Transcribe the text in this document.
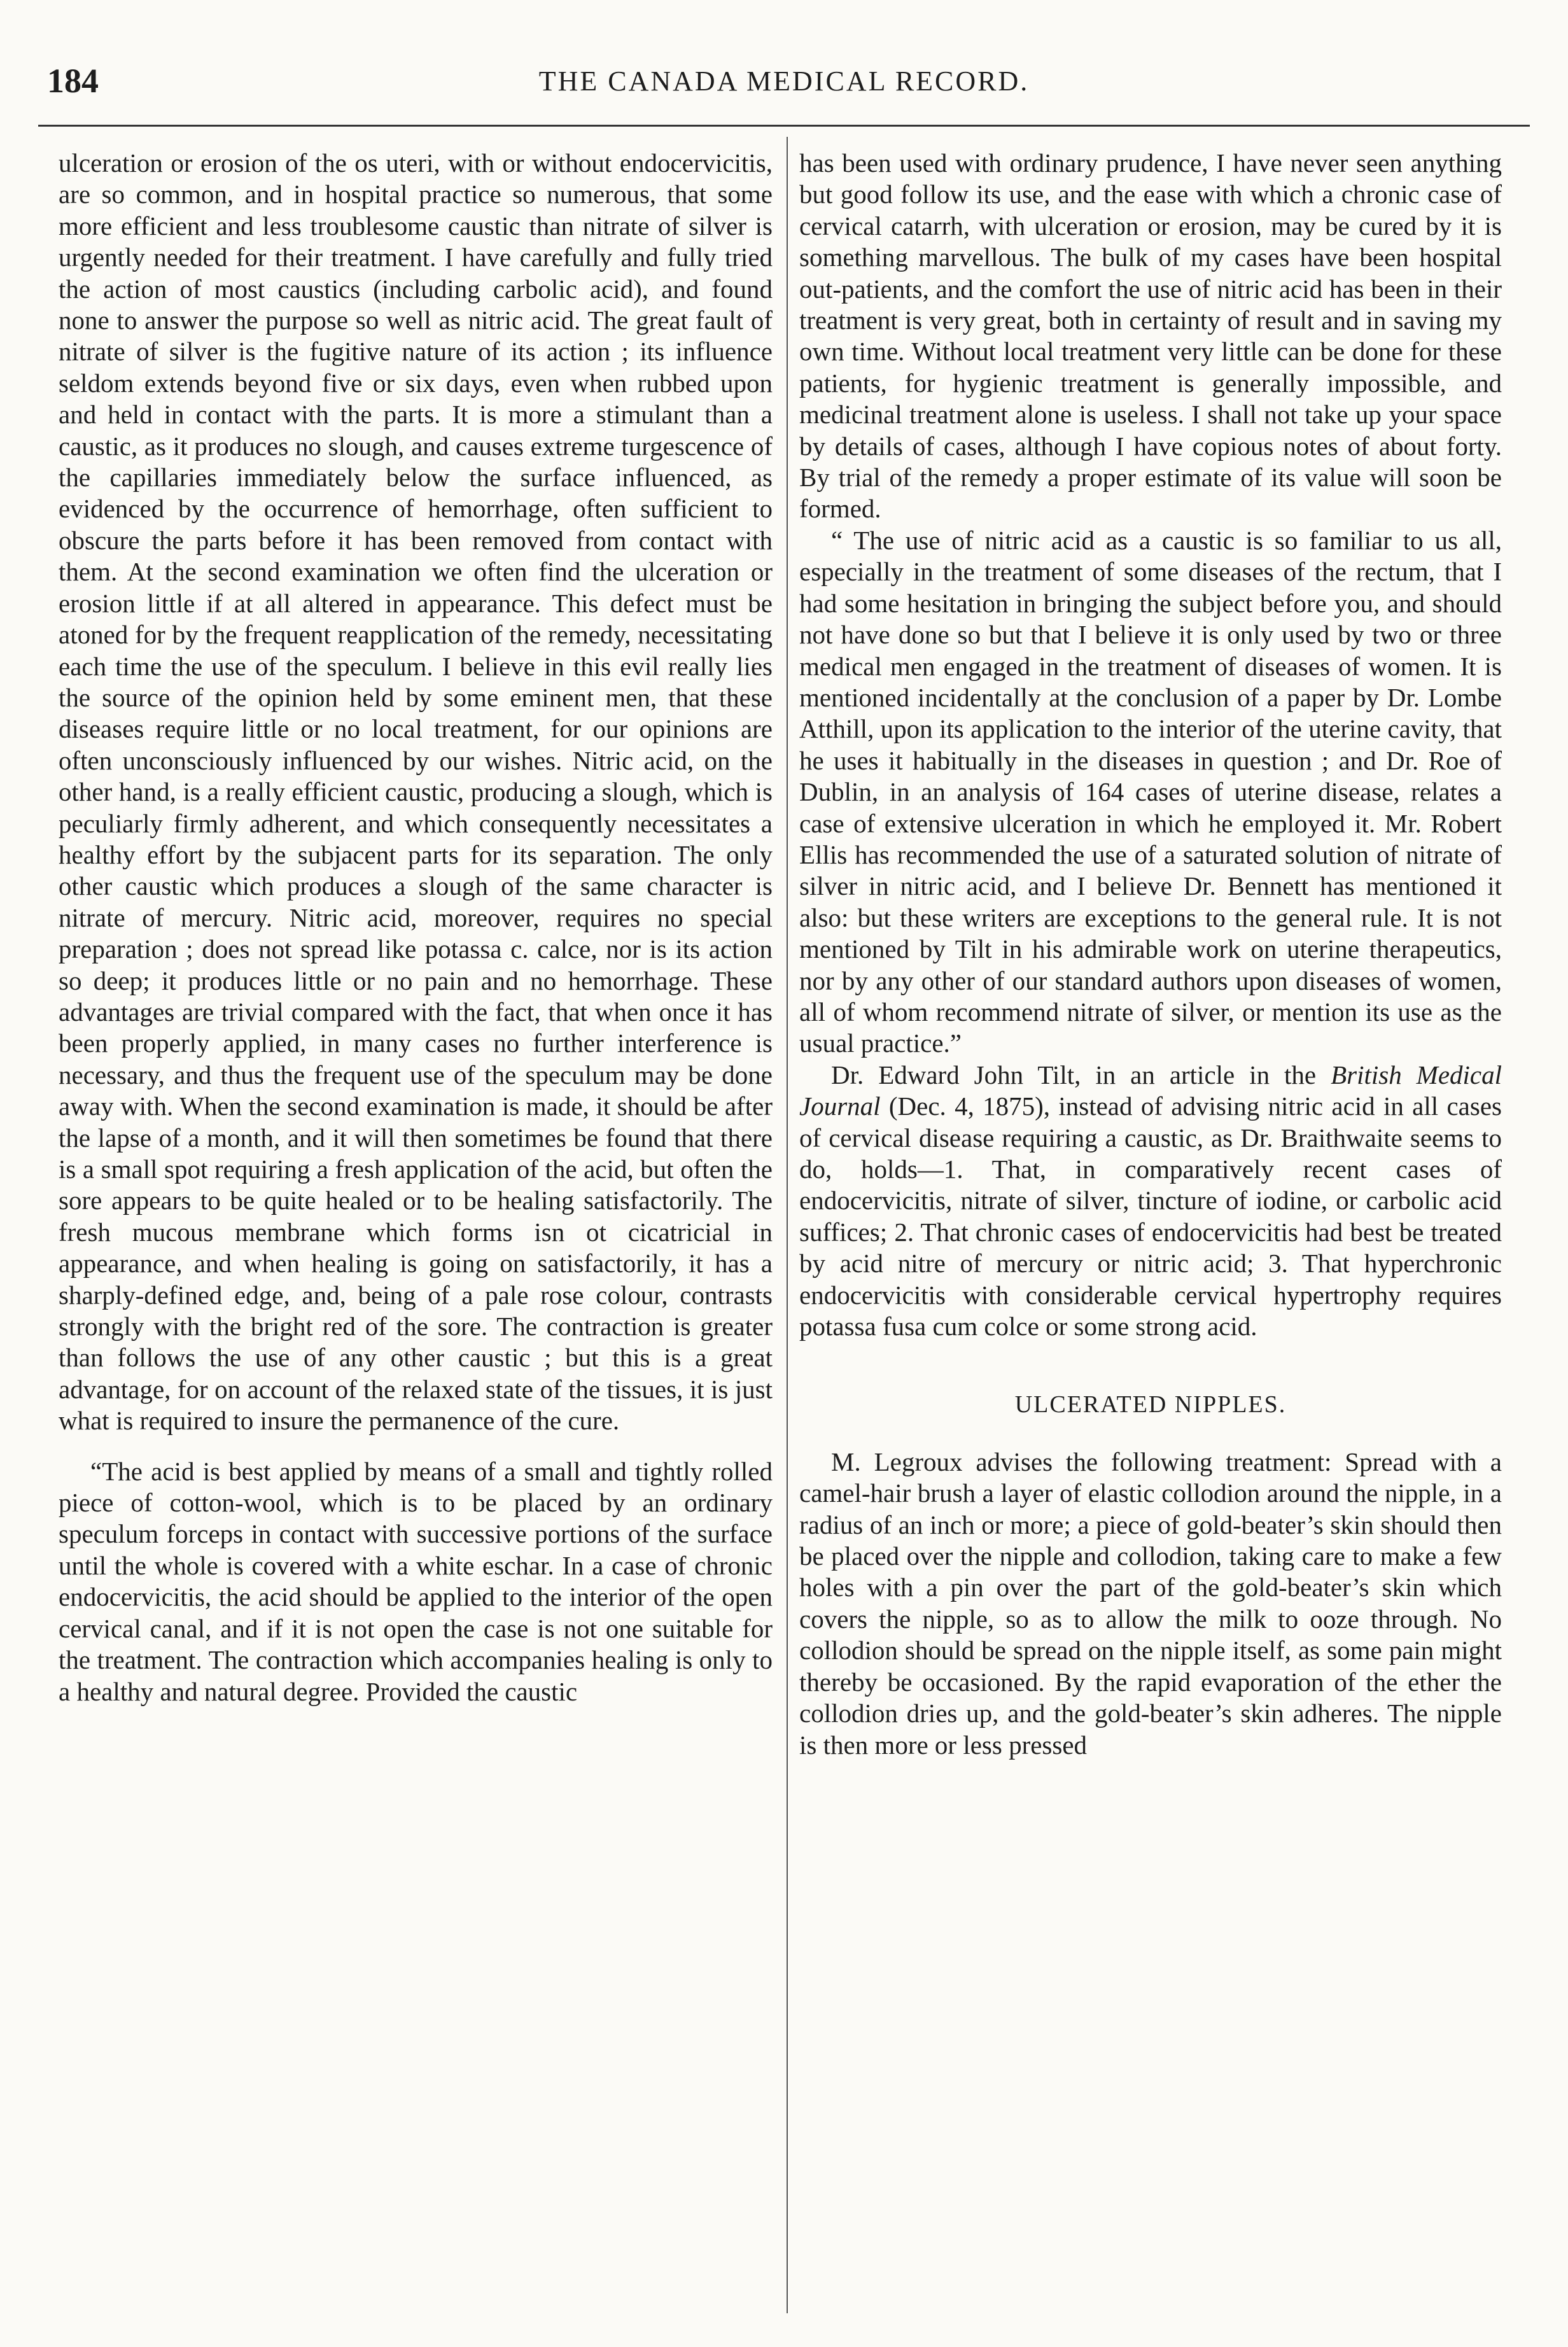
184	THE CANADA MEDICAL RECORD.

ulceration or erosion of the os uteri, with or without endocervicitis, are so common, and in hospital practice so numerous, that some more efficient and less troublesome caustic than nitrate of silver is urgently needed for their treatment. I have carefully and fully tried the action of most caustics (including carbolic acid), and found none to answer the purpose so well as nitric acid. The great fault of nitrate of silver is the fugitive nature of its action ; its influence seldom extends beyond five or six days, even when rubbed upon and held in contact with the parts. It is more a stimulant than a caustic, as it produces no slough, and causes extreme turgescence of the capillaries immediately below the surface influenced, as evidenced by the occurrence of hemorrhage, often sufficient to obscure the parts before it has been removed from contact with them. At the second examination we often find the ulceration or erosion little if at all altered in appearance. This defect must be atoned for by the frequent reapplication of the remedy, necessitating each time the use of the speculum. I believe in this evil really lies the source of the opinion held by some eminent men, that these diseases require little or no local treatment, for our opinions are often unconsciously influenced by our wishes. Nitric acid, on the other hand, is a really efficient caustic, producing a slough, which is peculiarly firmly adherent, and which consequently necessitates a healthy effort by the subjacent parts for its separation. The only other caustic which produces a slough of the same character is nitrate of mercury. Nitric acid, moreover, requires no special preparation ; does not spread like potassa c. calce, nor is its action so deep; it produces little or no pain and no hemorrhage. These advantages are trivial compared with the fact, that when once it has been properly applied, in many cases no further interference is necessary, and thus the frequent use of the speculum may be done away with. When the second examination is made, it should be after the lapse of a month, and it will then sometimes be found that there is a small spot requiring a fresh application of the acid, but often the sore appears to be quite healed or to be healing satisfactorily. The fresh mucous membrane which forms isn ot cicatricial in appearance, and when healing is going on satisfactorily, it has a sharply-defined edge, and, being of a pale rose colour, contrasts strongly with the bright red of the sore. The contraction is greater than follows the use of any other caustic ; but this is a great advantage, for on account of the relaxed state of the tissues, it is just what is required to insure the permanence of the cure.

“The acid is best applied by means of a small and tightly rolled piece of cotton-wool, which is to be placed by an ordinary speculum forceps in contact with successive portions of the surface until the whole is covered with a white eschar. In a case of chronic endocervicitis, the acid should be applied to the interior of the open cervical canal, and if it is not open the case is not one suitable for the treatment. The contraction which accompanies healing is only to a healthy and natural degree. Provided the caustic

has been used with ordinary prudence, I have never seen anything but good follow its use, and the ease with which a chronic case of cervical catarrh, with ulceration or erosion, may be cured by it is something marvellous. The bulk of my cases have been hospital out-patients, and the comfort the use of nitric acid has been in their treatment is very great, both in certainty of result and in saving my own time. Without local treatment very little can be done for these patients, for hygienic treatment is generally impossible, and medicinal treatment alone is useless. I shall not take up your space by details of cases, although I have copious notes of about forty. By trial of the remedy a proper estimate of its value will soon be formed.

“ The use of nitric acid as a caustic is so familiar to us all, especially in the treatment of some diseases of the rectum, that I had some hesitation in bringing the subject before you, and should not have done so but that I believe it is only used by two or three medical men engaged in the treatment of diseases of women. It is mentioned incidentally at the conclusion of a paper by Dr. Lombe Atthill, upon its application to the interior of the uterine cavity, that he uses it habitually in the diseases in question ; and Dr. Roe of Dublin, in an analysis of 164 cases of uterine disease, relates a case of extensive ulceration in which he employed it. Mr. Robert Ellis has recommended the use of a saturated solution of nitrate of silver in nitric acid, and I believe Dr. Bennett has mentioned it also: but these writers are exceptions to the general rule. It is not mentioned by Tilt in his admirable work on uterine therapeutics, nor by any other of our standard authors upon diseases of women, all of whom recommend nitrate of silver, or mention its use as the usual practice.”

Dr. Edward John Tilt, in an article in the British Medical Journal (Dec. 4, 1875), instead of advising nitric acid in all cases of cervical disease requiring a caustic, as Dr. Braithwaite seems to do, holds—1. That, in comparatively recent cases of endocervicitis, nitrate of silver, tincture of iodine, or carbolic acid suffices; 2. That chronic cases of endocervicitis had best be treated by acid nitre of mercury or nitric acid; 3. That hyperchronic endocervicitis with considerable cervical hypertrophy requires potassa fusa cum colce or some strong acid.

ULCERATED NIPPLES.

M. Legroux advises the following treatment: Spread with a camel-hair brush a layer of elastic collodion around the nipple, in a radius of an inch or more; a piece of gold-beater’s skin should then be placed over the nipple and collodion, taking care to make a few holes with a pin over the part of the gold-beater’s skin which covers the nipple, so as to allow the milk to ooze through. No collodion should be spread on the nipple itself, as some pain might thereby be occasioned. By the rapid evaporation of the ether the collodion dries up, and the gold-beater’s skin adheres. The nipple is then more or less pressed
